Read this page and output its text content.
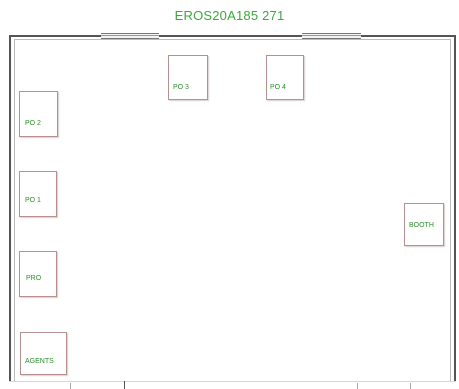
EROS20A185 271
PO 3	PO 4
PO 2
PO 1
PRO
AGENTS
BOOTH
